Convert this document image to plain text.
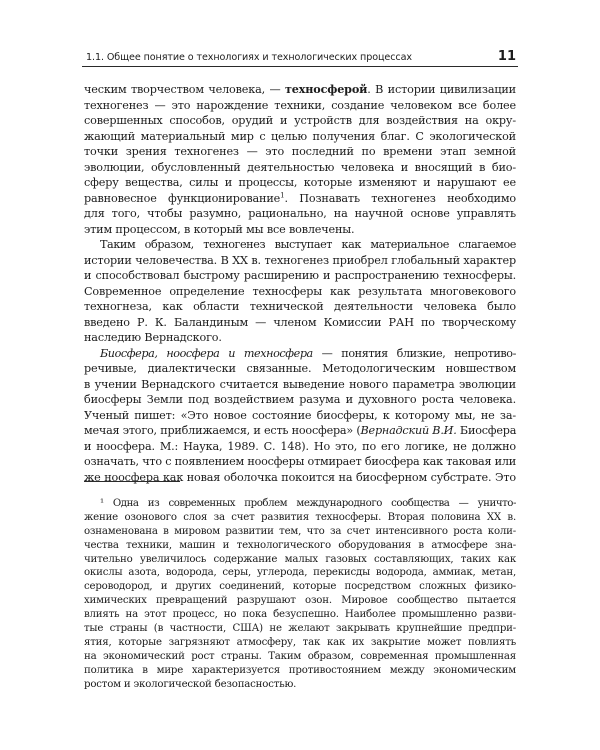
1.1. Общее понятие о технологиях и технологических процессах	11
ческим творчеством человека, — техносферой. В истории цивилизации
техногенез — это нарождение техники, создание человеком все более
совершенных способов, орудий и устройств для воздействия на окру-
жающий материальный мир с целью получения благ. С экологической
точки зрения техногенез — это последний по времени этап земной
эволюции, обусловленный деятельностью человека и вносящий в био-
сферу вещества, силы и процессы, которые изменяют и нарушают ее
равновесное функционирование$^1$. Познавать техногенез необходимо
для того, чтобы разумно, рационально, на научной основе управлять
этим процессом, в который мы все вовлечены.
Таким образом, техногенез выступает как материальное слагаемое
истории человечества. В XX в. техногенез приобрел глобальный характер
и способствовал быстрому расширению и распространению техносферы.
Современное определение техносферы как результата многовекового
техногнеза, как области технической деятельности человека было
введено Р. К. Баландиным — членом Комиссии РАН по творческому
наследию Вернадского.
Биосфера, ноосфера и техносфера — понятия близкие, непротиво-
речивые, диалектически связанные. Методологическим новшеством
в учении Вернадского считается выведение нового параметра эволюции
биосферы Земли под воздействием разума и духовного роста человека.
Ученый пишет: «Это новое состояние биосферы, к которому мы, не за-
мечая этого, приближаемся, и есть ноосфера» (Вернадский В.И. Биосфера
и ноосфера. М.: Наука, 1989. С. 148). Но это, по его логике, не должно
означать, что с появлением ноосферы отмирает биосфера как таковая или
же ноосфера как новая оболочка покоится на биосферном субстрате. Это
¹ Одна из современных проблем международного сообщества — уничто-
жение озонового слоя за счет развития техносферы. Вторая половина XX в.
ознаменована в мировом развитии тем, что за счет интенсивного роста коли-
чества техники, машин и технологического оборудования в атмосфере зна-
чительно увеличилось содержание малых газовых составляющих, таких как
окислы азота, водорода, серы, углерода, перекисды водорода, аммиак, метан,
сероводород, и других соединений, которые посредством сложных физико-
химических превращений разрушают озон. Мировое сообщество пытается
влиять на этот процесс, но пока безуспешно. Наиболее промышленно разви-
тые страны (в частности, США) не желают закрывать крупнейшие предпри-
ятия, которые загрязняют атмосферу, так как их закрытие может повлиять
на экономический рост страны. Таким образом, современная промышленная
политика в мире характеризуется противостоянием между экономическим
ростом и экологической безопасностью.
